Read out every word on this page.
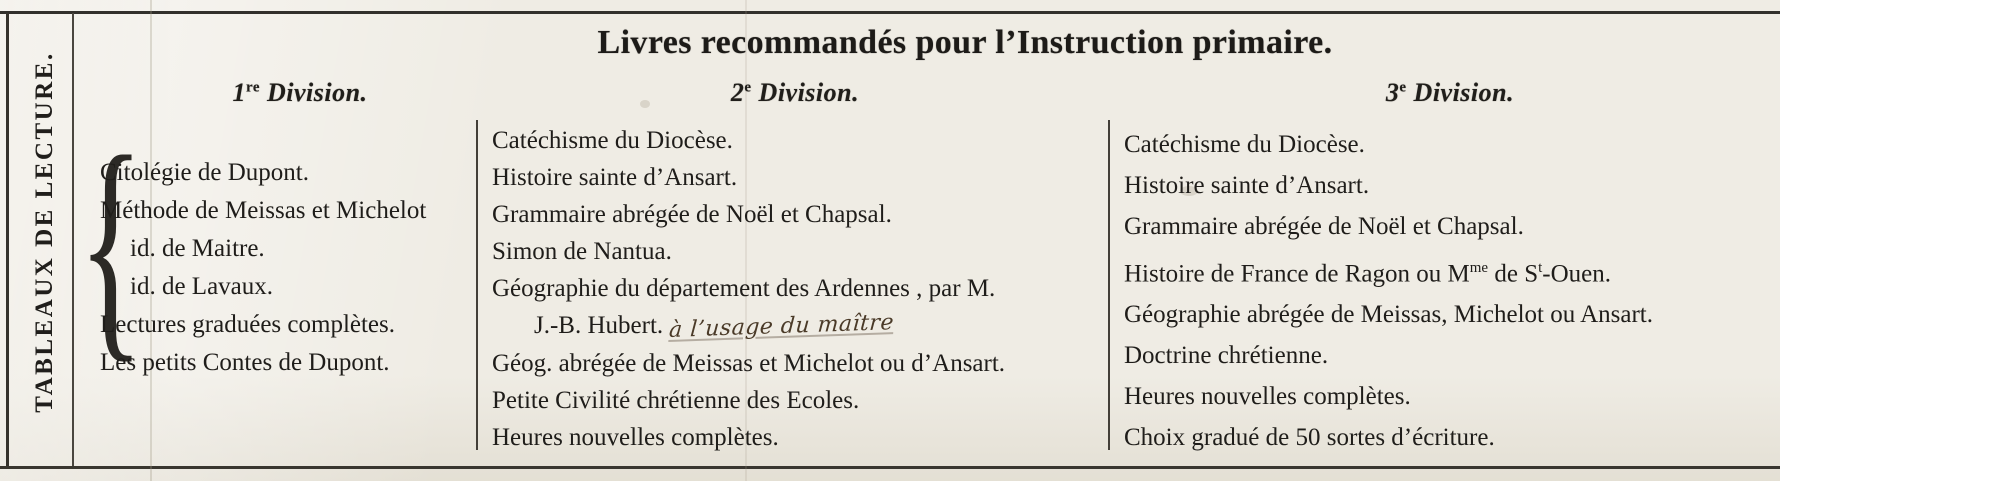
TABLEAUX DE LECTURE. {
Livres recommandés pour l’Instruction primaire.
1re Division.	2e Division.	3e Division.
Citolégie de Dupont.
Méthode de Meissas et Michelot
id. de Maitre.
id. de Lavaux.
Lectures graduées complètes.
Les petits Contes de Dupont.
Catéchisme du Diocèse.
Histoire sainte d’Ansart.
Grammaire abrégée de Noël et Chapsal.
Simon de Nantua.
Géographie du département des Ardennes , par M.
J.-B. Hubert. à l’usage du maître
Géog. abrégée de Meissas et Michelot ou d’Ansart.
Petite Civilité chrétienne des Ecoles.
Heures nouvelles complètes.
Catéchisme du Diocèse.
Histoire sainte d’Ansart.
Grammaire abrégée de Noël et Chapsal.
Histoire de France de Ragon ou $M^{me}$ de $S^t$-Ouen.
Géographie abrégée de Meissas, Michelot ou Ansart.
Doctrine chrétienne.
Heures nouvelles complètes.
Choix gradué de 50 sortes d’écriture.
